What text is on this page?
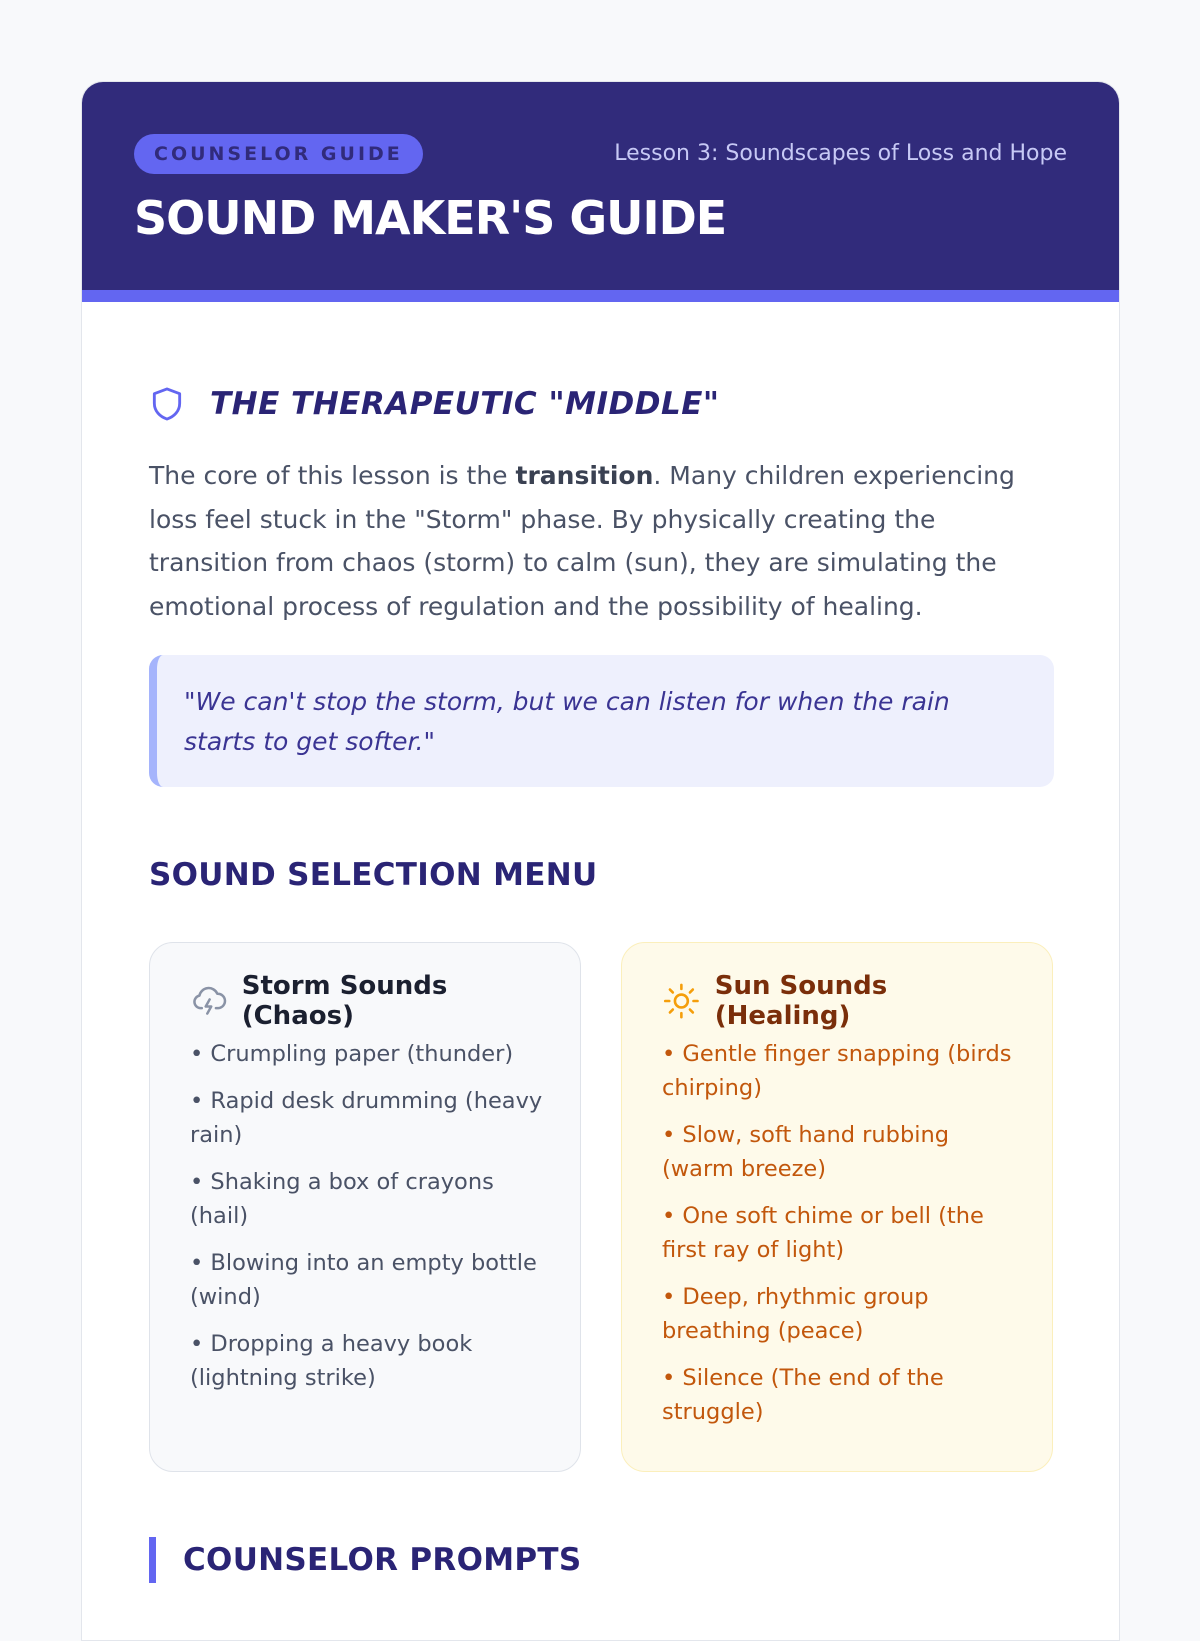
COUNSELOR GUIDE	Lesson 3: Soundscapes of Loss and Hope
SOUND MAKER'S GUIDE
THE THERAPEUTIC "MIDDLE"
The core of this lesson is the transition. Many children experiencing loss feel stuck in the "Storm" phase. By physically creating the transition from chaos (storm) to calm (sun), they are simulating the emotional process of regulation and the possibility of healing.
"We can't stop the storm, but we can listen for when the rain starts to get softer."
SOUND SELECTION MENU
Storm Sounds (Chaos)
• Crumpling paper (thunder)
• Rapid desk drumming (heavy rain)
• Shaking a box of crayons (hail)
• Blowing into an empty bottle (wind)
• Dropping a heavy book (lightning strike)
Sun Sounds (Healing)
• Gentle finger snapping (birds chirping)
• Slow, soft hand rubbing (warm breeze)
• One soft chime or bell (the first ray of light)
• Deep, rhythmic group breathing (peace)
• Silence (The end of the struggle)
COUNSELOR PROMPTS
